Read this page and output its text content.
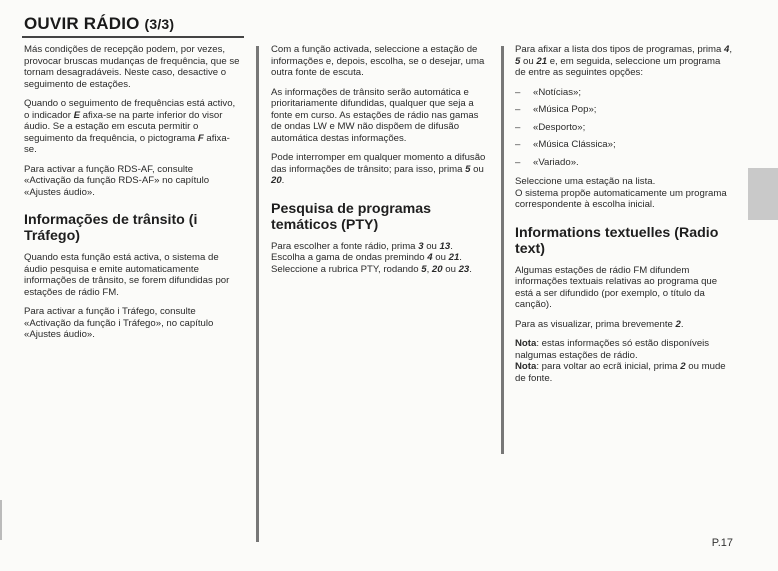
OUVIR RÁDIO (3/3)

Más condições de recepção podem, por vezes, provocar bruscas mudanças de frequência, que se tornam desagradáveis. Neste caso, desactive o seguimento de estações.

Quando o seguimento de frequências está activo, o indicador E afixa-se na parte inferior do visor áudio. Se a estação em escuta permitir o seguimento da frequência, o pictograma F afixa-se.

Para activar a função RDS-AF, consulte «Activação da função RDS-AF» no capítulo «Ajustes áudio».

Informações de trânsito (i Tráfego)

Quando esta função está activa, o sistema de áudio pesquisa e emite automaticamente informações de trânsito, se forem difundidas por estações de rádio FM.

Para activar a função i Tráfego, consulte «Activação da função i Tráfego», no capítulo «Ajustes áudio».

Com a função activada, seleccione a estação de informações e, depois, escolha, se o desejar, uma outra fonte de escuta.

As informações de trânsito serão automática e prioritariamente difundidas, qualquer que seja a fonte em curso. As estações de rádio nas gamas de ondas LW e MW não dispõem de difusão automática destas informações.

Pode interromper em qualquer momento a difusão das informações de trânsito; para isso, prima 5 ou 20.

Pesquisa de programas temáticos (PTY)

Para escolher a fonte rádio, prima 3 ou 13. Escolha a gama de ondas premindo 4 ou 21. Seleccione a rubrica PTY, rodando 5, 20 ou 23.

Para afixar a lista dos tipos de programas, prima 4, 5 ou 21 e, em seguida, seleccione um programa de entre as seguintes opções:

– «Notícias»;
– «Música Pop»;
– «Desporto»;
– «Música Clássica»;
– «Variado».

Seleccione uma estação na lista.

O sistema propõe automaticamente um programa correspondente à escolha inicial.

Informations textuelles (Radio text)

Algumas estações de rádio FM difundem informações textuais relativas ao programa que está a ser difundido (por exemplo, o título da canção).

Para as visualizar, prima brevemente 2.

Nota: estas informações só estão disponíveis nalgumas estações de rádio.

Nota: para voltar ao ecrã inicial, prima 2 ou mude de fonte.

P.17
